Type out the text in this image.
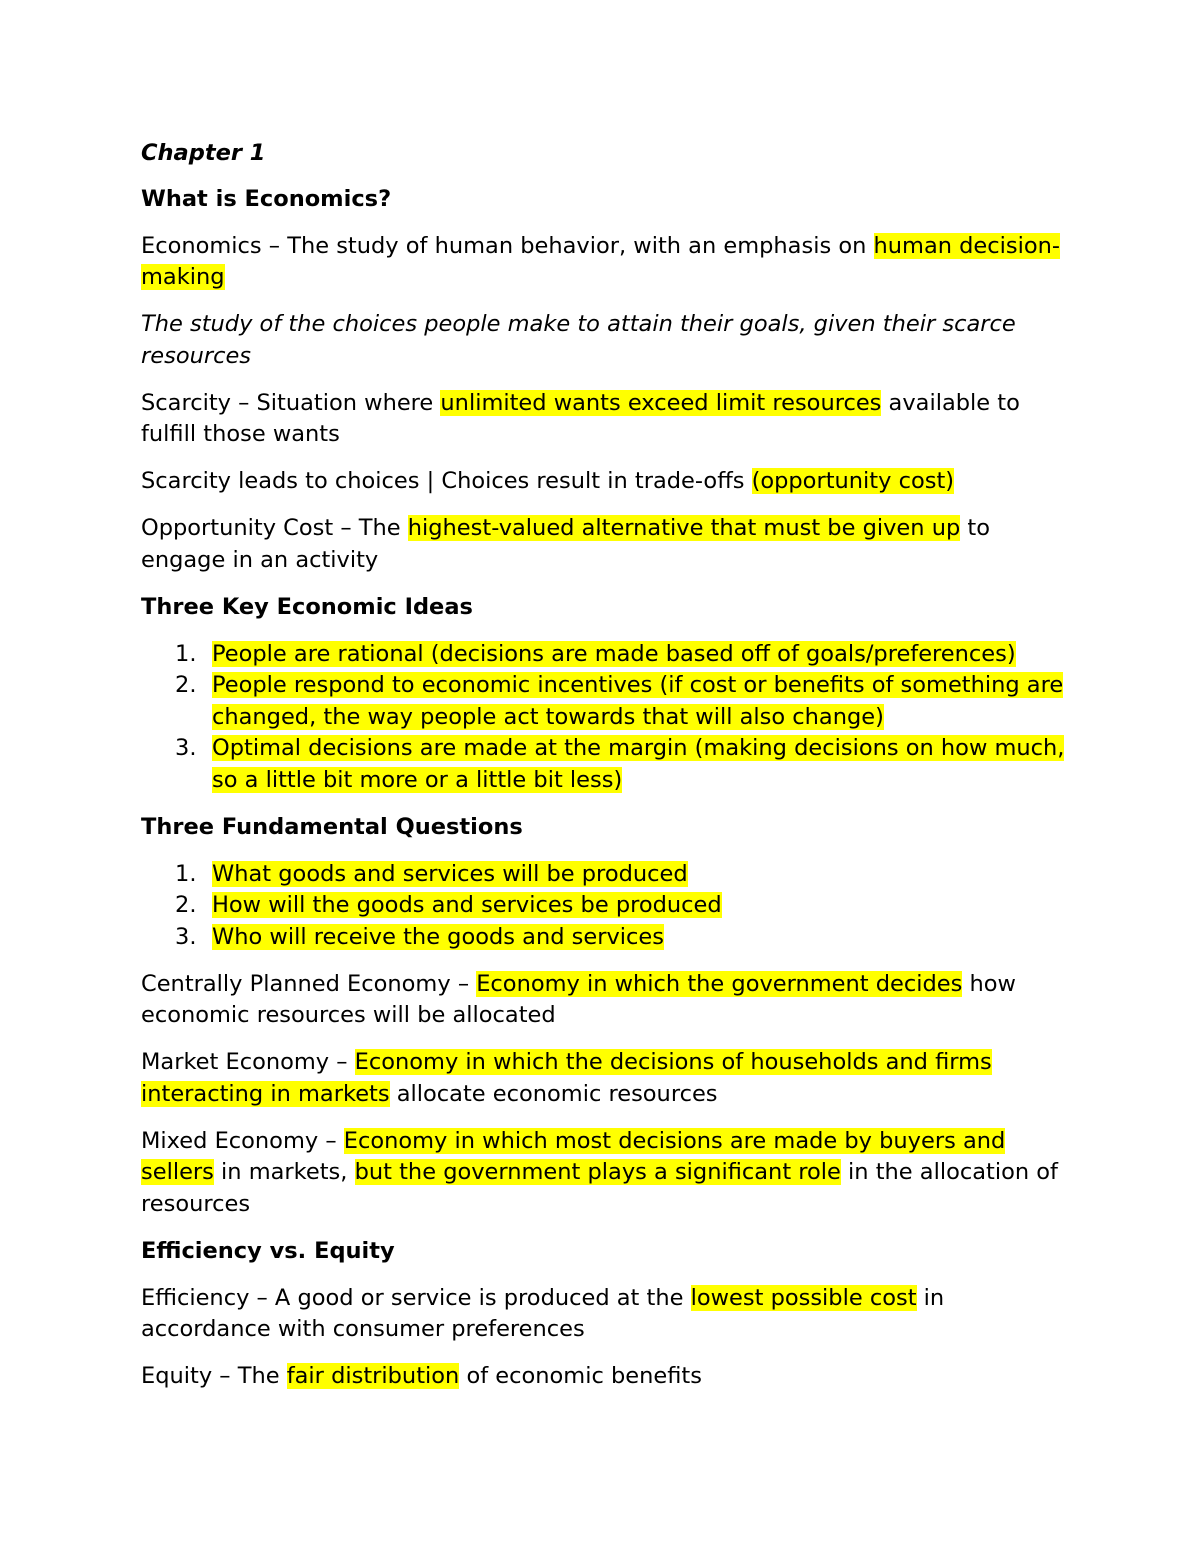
Chapter 1
What is Economics?
Economics – The study of human behavior, with an emphasis on human decision-making
The study of the choices people make to attain their goals, given their scarce resources
Scarcity – Situation where unlimited wants exceed limit resources available to fulfill those wants
Scarcity leads to choices | Choices result in trade-offs (opportunity cost)
Opportunity Cost – The highest-valued alternative that must be given up to engage in an activity
Three Key Economic Ideas
1. People are rational (decisions are made based off of goals/preferences)
2. People respond to economic incentives (if cost or benefits of something are changed, the way people act towards that will also change)
3. Optimal decisions are made at the margin (making decisions on how much, so a little bit more or a little bit less)
Three Fundamental Questions
1. What goods and services will be produced
2. How will the goods and services be produced
3. Who will receive the goods and services
Centrally Planned Economy – Economy in which the government decides how economic resources will be allocated
Market Economy – Economy in which the decisions of households and firms interacting in markets allocate economic resources
Mixed Economy – Economy in which most decisions are made by buyers and sellers in markets, but the government plays a significant role in the allocation of resources
Efficiency vs. Equity
Efficiency – A good or service is produced at the lowest possible cost in accordance with consumer preferences
Equity – The fair distribution of economic benefits
